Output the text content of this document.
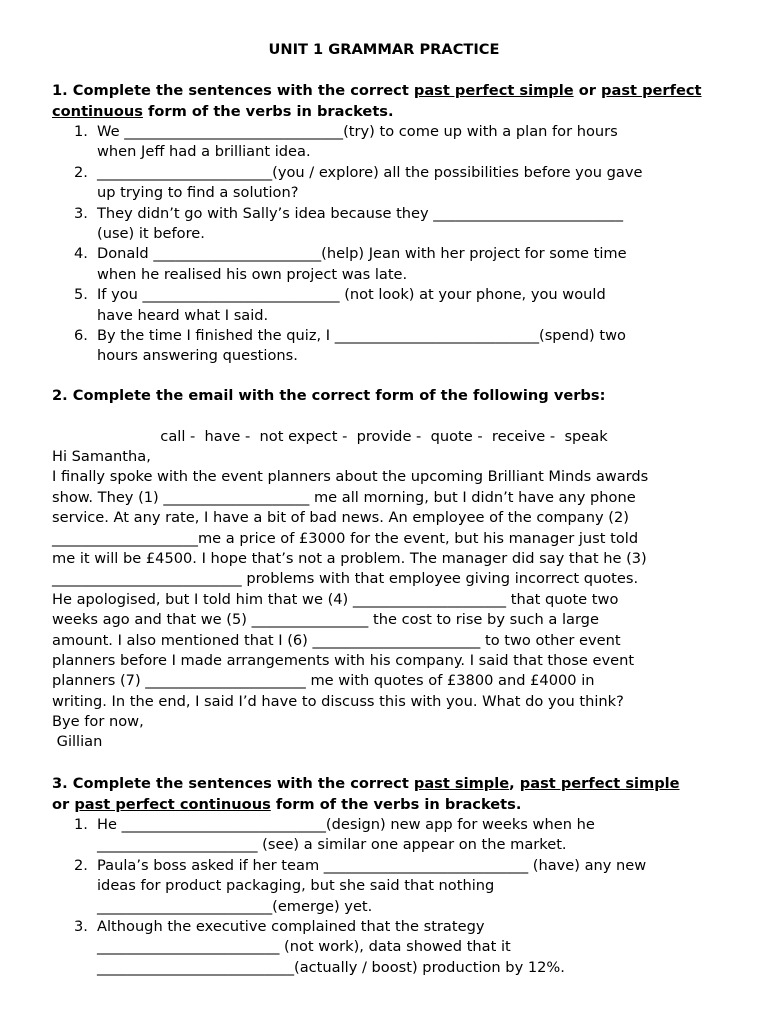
UNIT 1 GRAMMAR PRACTICE
1. Complete the sentences with the correct past perfect simple or past perfect continuous form of the verbs in brackets.
1. We ______________________________(try) to come up with a plan for hours
when Jeff had a brilliant idea.
2. ________________________(you / explore) all the possibilities before you gave
up trying to find a solution?
3. They didn’t go with Sally’s idea because they __________________________
(use) it before.
4. Donald _______________________(help) Jean with her project for some time
when he realised his own project was late.
5. If you ___________________________ (not look) at your phone, you would
have heard what I said.
6. By the time I finished the quiz, I ____________________________(spend) two
hours answering questions.
2. Complete the email with the correct form of the following verbs:
call -  have -  not expect -  provide -  quote -  receive -  speak
Hi Samantha,
I finally spoke with the event planners about the upcoming Brilliant Minds awards
show. They (1) ____________________ me all morning, but I didn’t have any phone
service. At any rate, I have a bit of bad news. An employee of the company (2)
____________________me a price of £3000 for the event, but his manager just told
me it will be £4500. I hope that’s not a problem. The manager did say that he (3)
__________________________ problems with that employee giving incorrect quotes.
He apologised, but I told him that we (4) _____________________ that quote two
weeks ago and that we (5) ________________ the cost to rise by such a large
amount. I also mentioned that I (6) _______________________ to two other event
planners before I made arrangements with his company. I said that those event
planners (7) ______________________ me with quotes of £3800 and £4000 in
writing. In the end, I said I’d have to discuss this with you. What do you think?
Bye for now,
Gillian
3. Complete the sentences with the correct past simple, past perfect simple
or past perfect continuous form of the verbs in brackets.
1. He ____________________________(design) new app for weeks when he
______________________ (see) a similar one appear on the market.
2. Paula’s boss asked if her team ____________________________ (have) any new
ideas for product packaging, but she said that nothing
________________________(emerge) yet.
3. Although the executive complained that the strategy
_________________________ (not work), data showed that it
___________________________(actually / boost) production by 12%.
